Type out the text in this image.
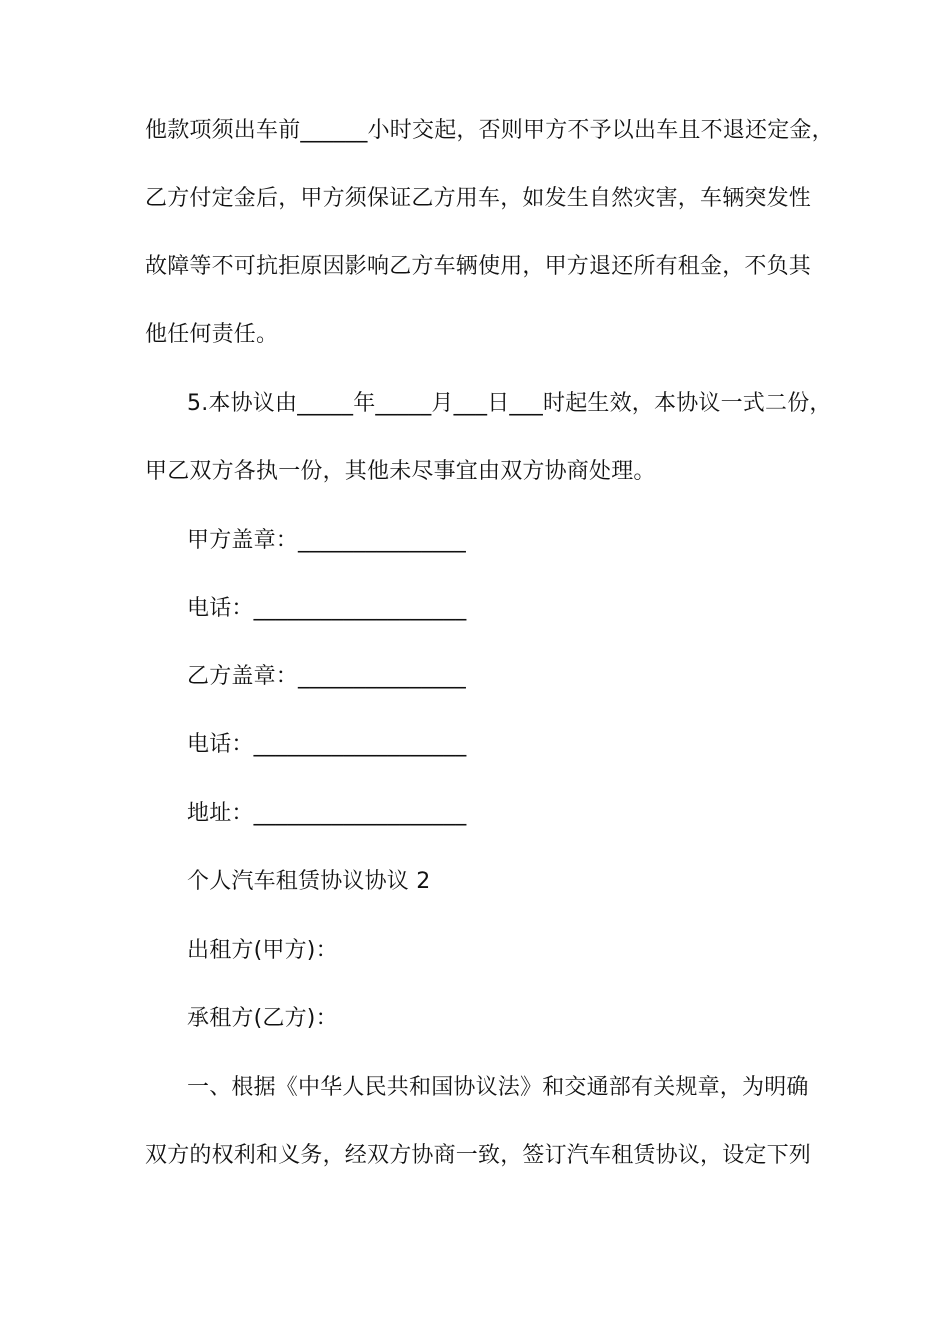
他款项须出车前______小时交起，否则甲方不予以出车且不退还定金，
乙方付定金后，甲方须保证乙方用车，如发生自然灾害，车辆突发性
故障等不可抗拒原因影响乙方车辆使用，甲方退还所有租金，不负其
他任何责任。
5.本协议由_____年_____月___日___时起生效，本协议一式二份，
甲乙双方各执一份，其他未尽事宜由双方协商处理。
甲方盖章：_______________
电话：___________________
乙方盖章：_______________
电话：___________________
地址：___________________
个人汽车租赁协议协议 2
出租方(甲方)：
承租方(乙方)：
一、根据《中华人民共和国协议法》和交通部有关规章，为明确
双方的权利和义务，经双方协商一致，签订汽车租赁协议，设定下列
